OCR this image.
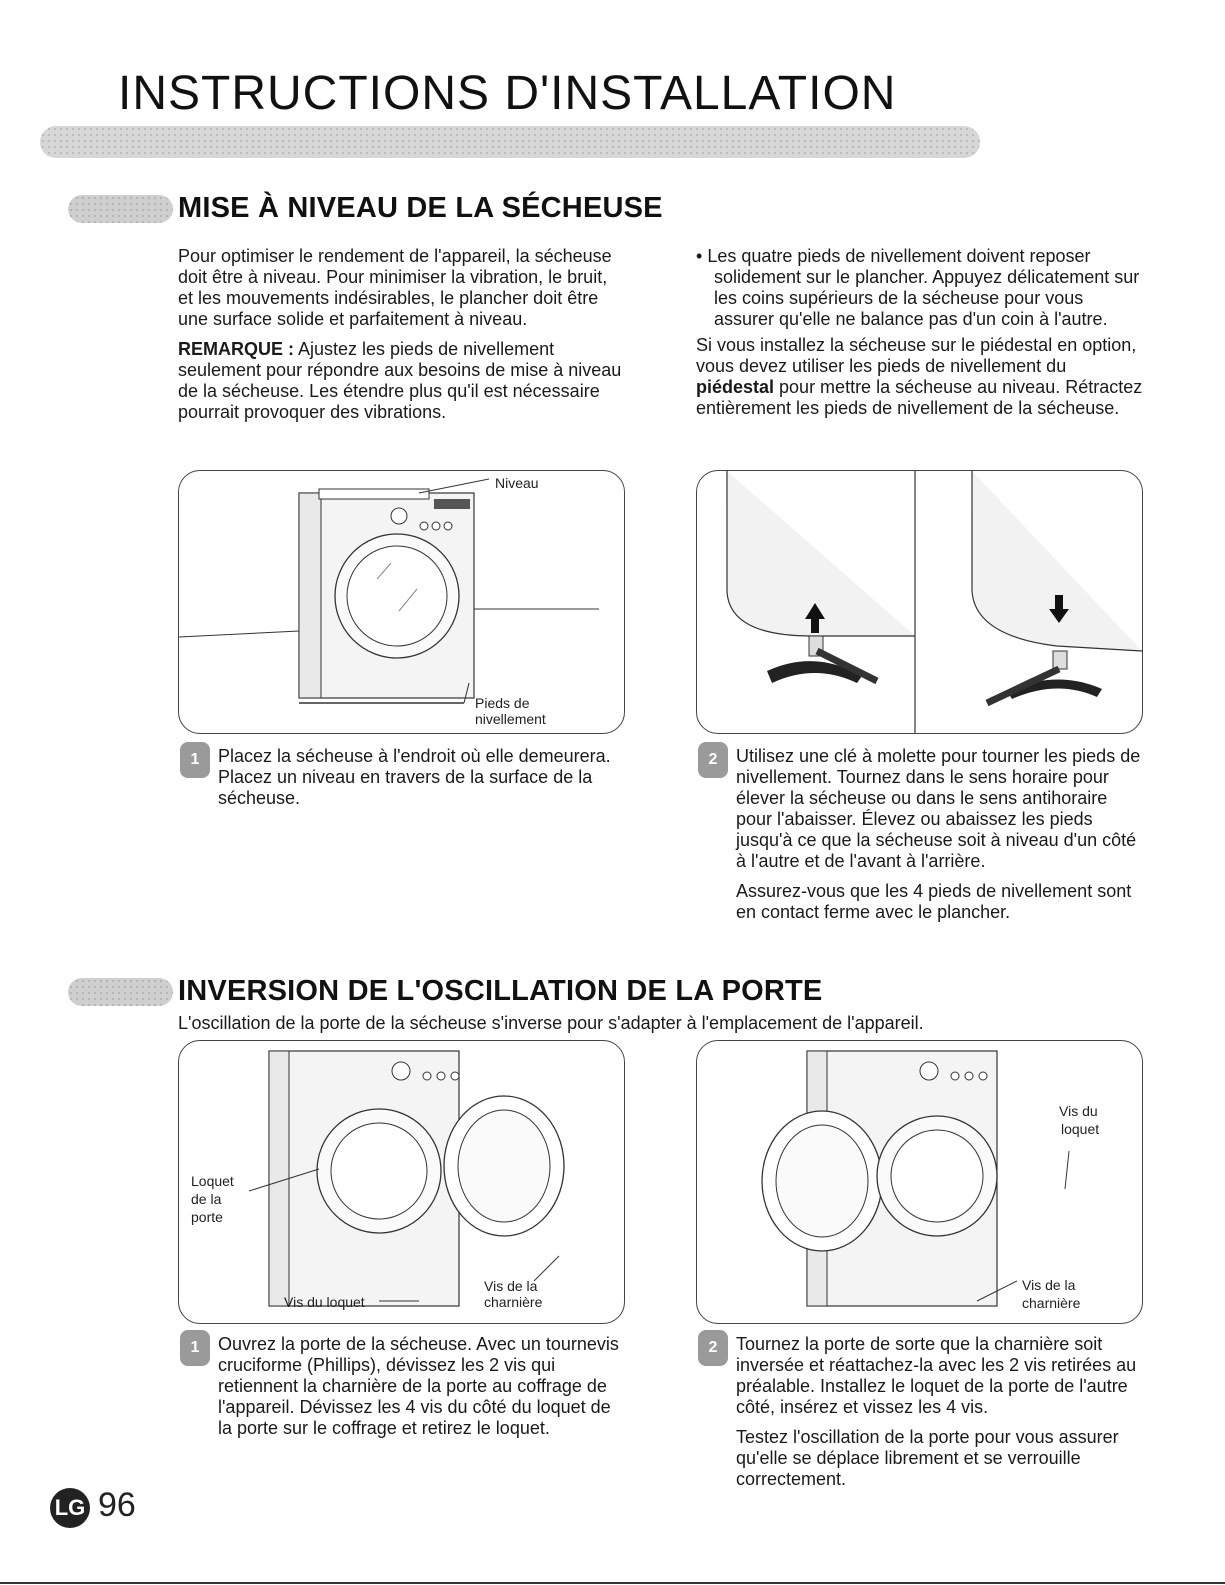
INSTRUCTIONS D'INSTALLATION
MISE À NIVEAU DE LA SÉCHEUSE

Pour optimiser le rendement de l'appareil, la sécheuse doit être à niveau. Pour minimiser la vibration, le bruit, et les mouvements indésirables, le plancher doit être une surface solide et parfaitement à niveau.

REMARQUE : Ajustez les pieds de nivellement seulement pour répondre aux besoins de mise à niveau de la sécheuse. Les étendre plus qu'il est nécessaire pourrait provoquer des vibrations.

• Les quatre pieds de nivellement doivent reposer solidement sur le plancher. Appuyez délicatement sur les coins supérieurs de la sécheuse pour vous assurer qu'elle ne balance pas d'un coin à l'autre.

Si vous installez la sécheuse sur le piédestal en option, vous devez utiliser les pieds de nivellement du piédestal pour mettre la sécheuse au niveau. Rétractez entièrement les pieds de nivellement de la sécheuse.

Niveau
Pieds de
nivellement
1	Placez la sécheuse à l'endroit où elle demeurera. Placez un niveau en travers de la surface de la sécheuse.
2	Utilisez une clé à molette pour tourner les pieds de nivellement. Tournez dans le sens horaire pour élever la sécheuse ou dans le sens antihoraire pour l'abaisser. Élevez ou abaissez les pieds jusqu'à ce que la sécheuse soit à niveau d'un côté à l'autre et de l'avant à l'arrière.

Assurez-vous que les 4 pieds de nivellement sont en contact ferme avec le plancher.

INVERSION DE L'OSCILLATION DE LA PORTE
L'oscillation de la porte de la sécheuse s'inverse pour s'adapter à l'emplacement de l'appareil.
Loquet
de la
porte
Vis du loquet
Vis de la
charnière
Vis du
loquet
Vis de la
charnière
1	Ouvrez la porte de la sécheuse. Avec un tournevis cruciforme (Phillips), dévissez les 2 vis qui retiennent la charnière de la porte au coffrage de l'appareil. Dévissez les 4 vis du côté du loquet de la porte sur le coffrage et retirez le loquet.
2	Tournez la porte de sorte que la charnière soit inversée et réattachez-la avec les 2 vis retirées au préalable. Installez le loquet de la porte de l'autre côté, insérez et vissez les 4 vis.

Testez l'oscillation de la porte pour vous assurer qu'elle se déplace librement et se verrouille correctement.

LG 96
